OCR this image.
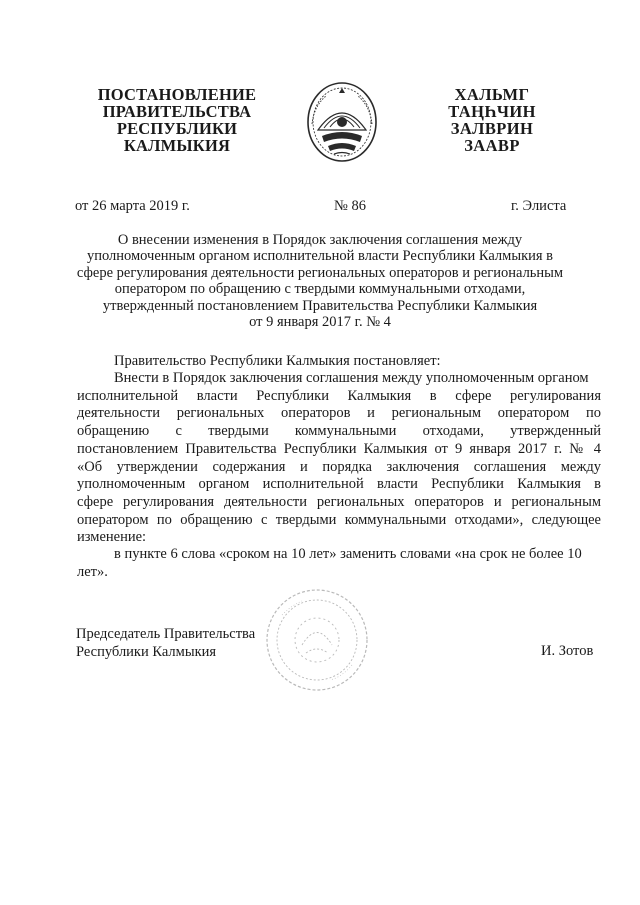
ПОСТАНОВЛЕНИЕ
ПРАВИТЕЛЬСТВА
РЕСПУБЛИКИ
КАЛМЫКИЯ
ХАЛЬМГ
ТАҢҺЧИН
ЗАЛВРИН
ЗААВР
от 26 марта 2019 г.	№ 86	г. Элиста
О внесении изменения в Порядок заключения соглашения между
уполномоченным органом исполнительной власти Республики Калмыкия в
сфере регулирования деятельности региональных операторов и региональным
оператором по обращению с твердыми коммунальными отходами,
утвержденный постановлением Правительства Республики Калмыкия
от 9 января 2017 г. № 4
Правительство Республики Калмыкия постановляет:
Внести в Порядок заключения соглашения между уполномоченным органом
исполнительной власти Республики Калмыкия в сфере регулирования
деятельности региональных операторов и региональным оператором по
обращению с твердыми коммунальными отходами, утвержденный
постановлением Правительства Республики Калмыкия от 9 января 2017 г. № 4
«Об утверждении содержания и порядка заключения соглашения между
уполномоченным органом исполнительной власти Республики Калмыкия в
сфере регулирования деятельности региональных операторов и региональным
оператором по обращению с твердыми коммунальными отходами», следующее
изменение:
в пункте 6 слова «сроком на 10 лет» заменить словами «на срок не более 10
лет».
Председатель Правительства
Республики Калмыкия	И. Зотов
